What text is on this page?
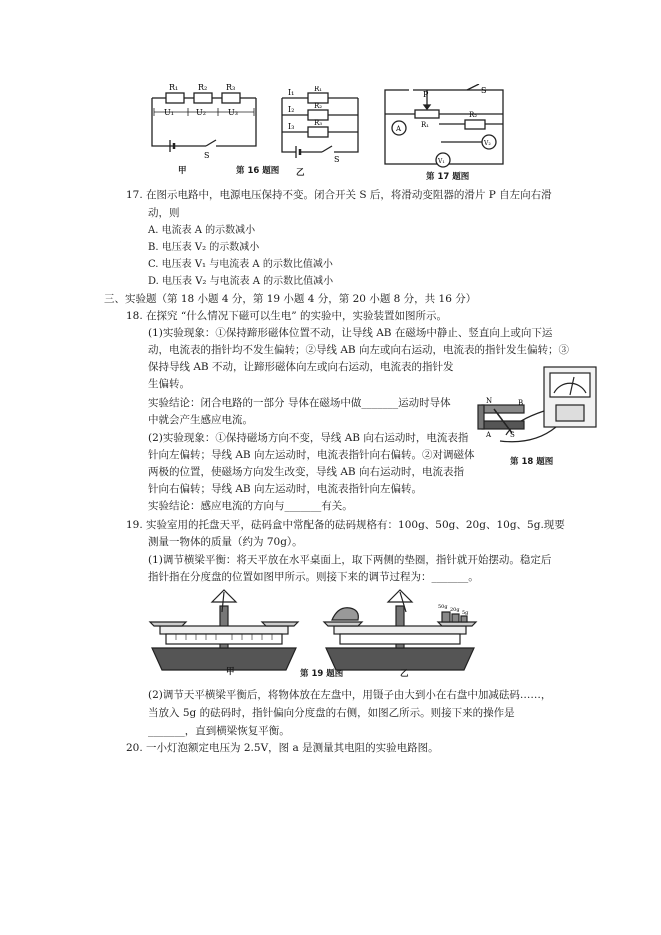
R₁ R₂ R₃
U₁	U₂	U₃
S
甲
I₁
I₂
I₃
R₁
R₂
R₃
S
第 16 题图 乙
P	S
R₁
R₂
A
V₂
V₁
第 17 题图
17. 在图示电路中，电源电压保持不变。闭合开关 S 后，将滑动变阻器的滑片 P 自左向右滑
动，则
A. 电流表 A 的示数减小
B. 电压表 V₂ 的示数减小
C. 电压表 V₁ 与电流表 A 的示数比值减小
D. 电压表 V₂ 与电流表 A 的示数比值减小
三、实验题（第 18 小题 4 分，第 19 小题 4 分，第 20 小题 8 分，共 16 分）
18. 在探究 “什么情况下磁可以生电” 的实验中，实验装置如图所示。
(1)实验现象：①保持蹄形磁体位置不动，让导线 AB 在磁场中静止、竖直向上或向下运
动，电流表的指针均不发生偏转；②导线 AB 向左或向右运动，电流表的指针发生偏转；③
保持导线 AB 不动，让蹄形磁体向左或向右运动，电流表的指针发
生偏转。
实验结论：闭合电路的一部分 导体在磁场中做_______运动时导体
中就会产生感应电流。
(2)实验现象：①保持磁场方向不变，导线 AB 向右运动时，电流表指
针向左偏转；导线 AB 向左运动时，电流表指针向右偏转。②对调磁体
两极的位置，使磁场方向发生改变，导线 AB 向右运动时，电流表指
针向右偏转；导线 AB 向左运动时，电流表指针向左偏转。
实验结论：感应电流的方向与_______有关。
N
S
A
B
第 18 题图
19. 实验室用的托盘天平，砝码盒中常配备的砝码规格有：100g、50g、20g、10g、5g.现要
测量一物体的质量（约为 70g）。
(1)调节横梁平衡：将天平放在水平桌面上，取下两侧的垫圈，指针就开始摆动。稳定后
指针指在分度盘的位置如图甲所示。则接下来的调节过程为：_______。
甲	第 19 题图
50g 20g 5g
乙
(2)调节天平横梁平衡后，将物体放在左盘中，用镊子由大到小在右盘中加减砝码……，
当放入 5g 的砝码时，指针偏向分度盘的右侧，如图乙所示。则接下来的操作是
_______，直到横梁恢复平衡。
20. 一小灯泡额定电压为 2.5V，图 a 是测量其电阻的实验电路图。
